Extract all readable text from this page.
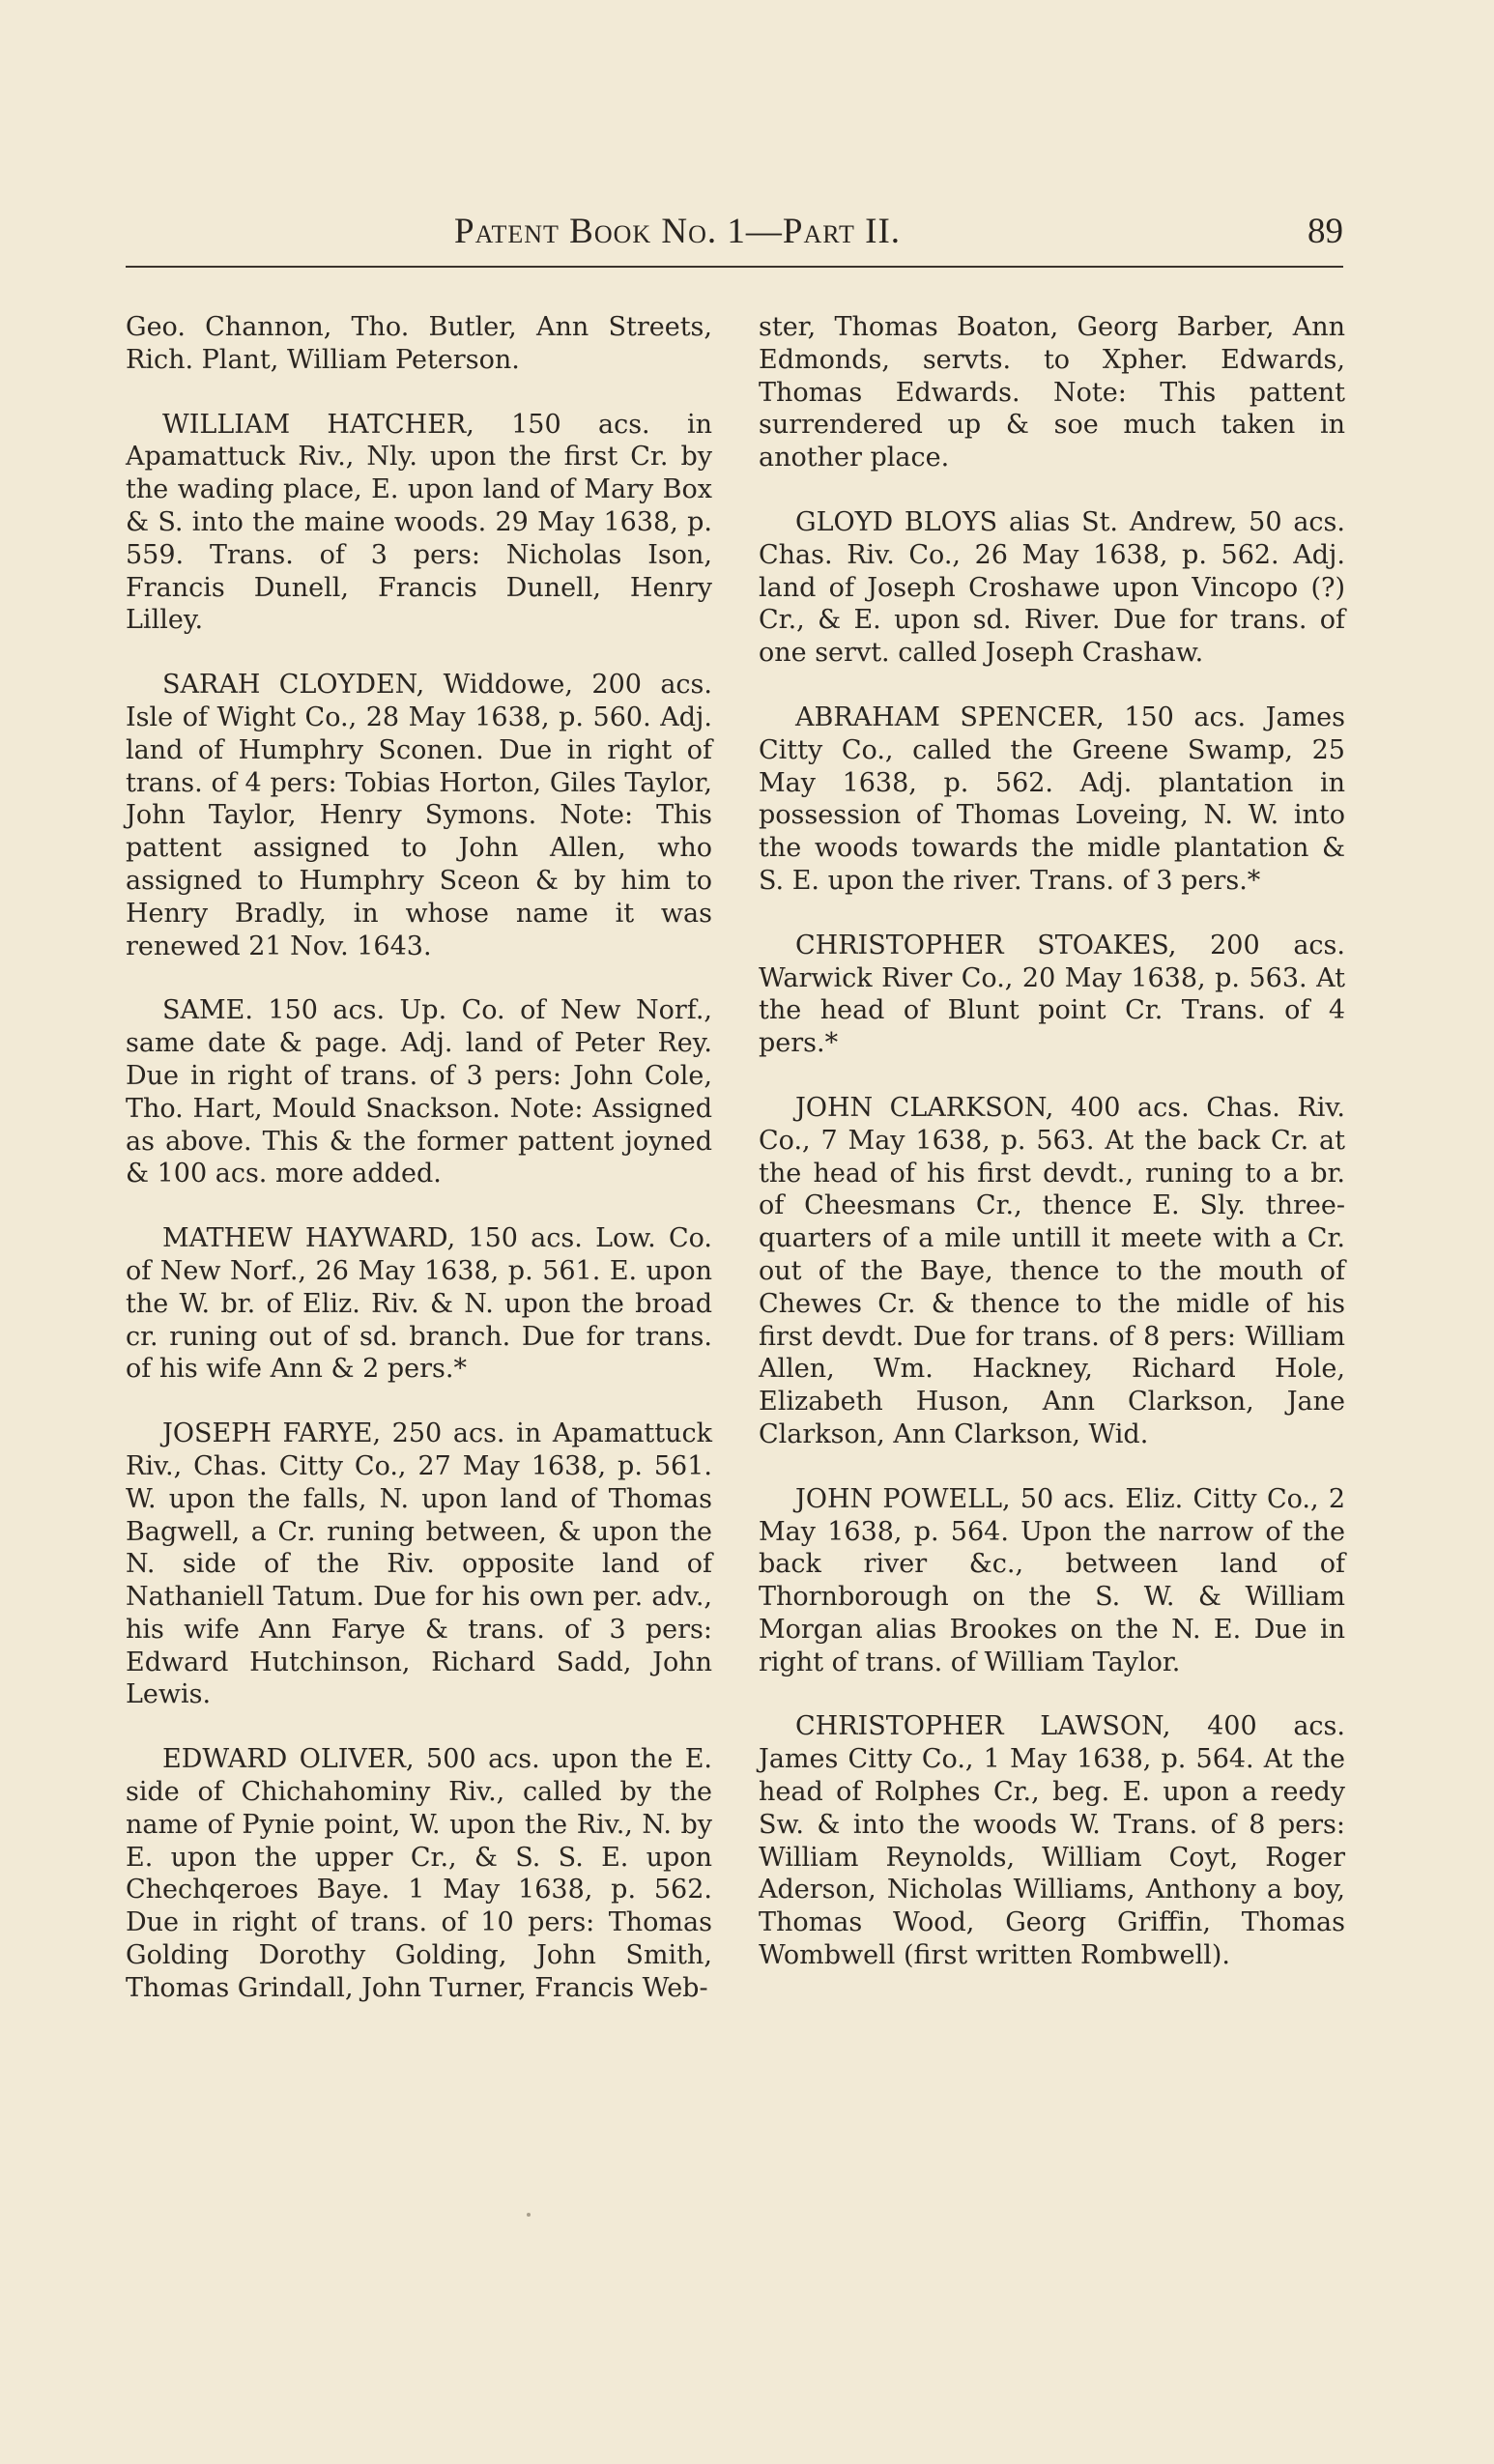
Patent Book No. 1—Part II.	89

Geo. Channon, Tho. Butler, Ann Streets, Rich. Plant, William Peterson.

WILLIAM HATCHER, 150 acs. in Apamattuck Riv., Nly. upon the first Cr. by the wading place, E. upon land of Mary Box & S. into the maine woods. 29 May 1638, p. 559. Trans. of 3 pers: Nicholas Ison, Francis Dunell, Francis Dunell, Henry Lilley.

SARAH CLOYDEN, Widdowe, 200 acs. Isle of Wight Co., 28 May 1638, p. 560. Adj. land of Humphry Sconen. Due in right of trans. of 4 pers: Tobias Horton, Giles Taylor, John Taylor, Henry Symons. Note: This pattent assigned to John Allen, who assigned to Humphry Sceon & by him to Henry Bradly, in whose name it was renewed 21 Nov. 1643.

SAME. 150 acs. Up. Co. of New Norf., same date & page. Adj. land of Peter Rey. Due in right of trans. of 3 pers: John Cole, Tho. Hart, Mould Snackson. Note: Assigned as above. This & the former pattent joyned & 100 acs. more added.

MATHEW HAYWARD, 150 acs. Low. Co. of New Norf., 26 May 1638, p. 561. E. upon the W. br. of Eliz. Riv. & N. upon the broad cr. runing out of sd. branch. Due for trans. of his wife Ann & 2 pers.*

JOSEPH FARYE, 250 acs. in Apamattuck Riv., Chas. Citty Co., 27 May 1638, p. 561. W. upon the falls, N. upon land of Thomas Bagwell, a Cr. runing between, & upon the N. side of the Riv. opposite land of Nathaniell Tatum. Due for his own per. adv., his wife Ann Farye & trans. of 3 pers: Edward Hutchinson, Richard Sadd, John Lewis.

EDWARD OLIVER, 500 acs. upon the E. side of Chichahominy Riv., called by the name of Pynie point, W. upon the Riv., N. by E. upon the upper Cr., & S. S. E. upon Chechqeroes Baye. 1 May 1638, p. 562. Due in right of trans. of 10 pers: Thomas Golding Dorothy Golding, John Smith, Thomas Grindall, John Turner, Francis Web-

ster, Thomas Boaton, Georg Barber, Ann Edmonds, servts. to Xpher. Edwards, Thomas Edwards. Note: This pattent surrendered up & soe much taken in another place.

GLOYD BLOYS alias St. Andrew, 50 acs. Chas. Riv. Co., 26 May 1638, p. 562. Adj. land of Joseph Croshawe upon Vincopo (?) Cr., & E. upon sd. River. Due for trans. of one servt. called Joseph Crashaw.

ABRAHAM SPENCER, 150 acs. James Citty Co., called the Greene Swamp, 25 May 1638, p. 562. Adj. plantation in possession of Thomas Loveing, N. W. into the woods towards the midle plantation & S. E. upon the river. Trans. of 3 pers.*

CHRISTOPHER STOAKES, 200 acs. Warwick River Co., 20 May 1638, p. 563. At the head of Blunt point Cr. Trans. of 4 pers.*

JOHN CLARKSON, 400 acs. Chas. Riv. Co., 7 May 1638, p. 563. At the back Cr. at the head of his first devdt., runing to a br. of Cheesmans Cr., thence E. Sly. three-quarters of a mile untill it meete with a Cr. out of the Baye, thence to the mouth of Chewes Cr. & thence to the midle of his first devdt. Due for trans. of 8 pers: William Allen, Wm. Hackney, Richard Hole, Elizabeth Huson, Ann Clarkson, Jane Clarkson, Ann Clarkson, Wid.

JOHN POWELL, 50 acs. Eliz. Citty Co., 2 May 1638, p. 564. Upon the narrow of the back river &c., between land of Thornborough on the S. W. & William Morgan alias Brookes on the N. E. Due in right of trans. of William Taylor.

CHRISTOPHER LAWSON, 400 acs. James Citty Co., 1 May 1638, p. 564. At the head of Rolphes Cr., beg. E. upon a reedy Sw. & into the woods W. Trans. of 8 pers: William Reynolds, William Coyt, Roger Aderson, Nicholas Williams, Anthony a boy, Thomas Wood, Georg Griffin, Thomas Wombwell (first written Rombwell).
